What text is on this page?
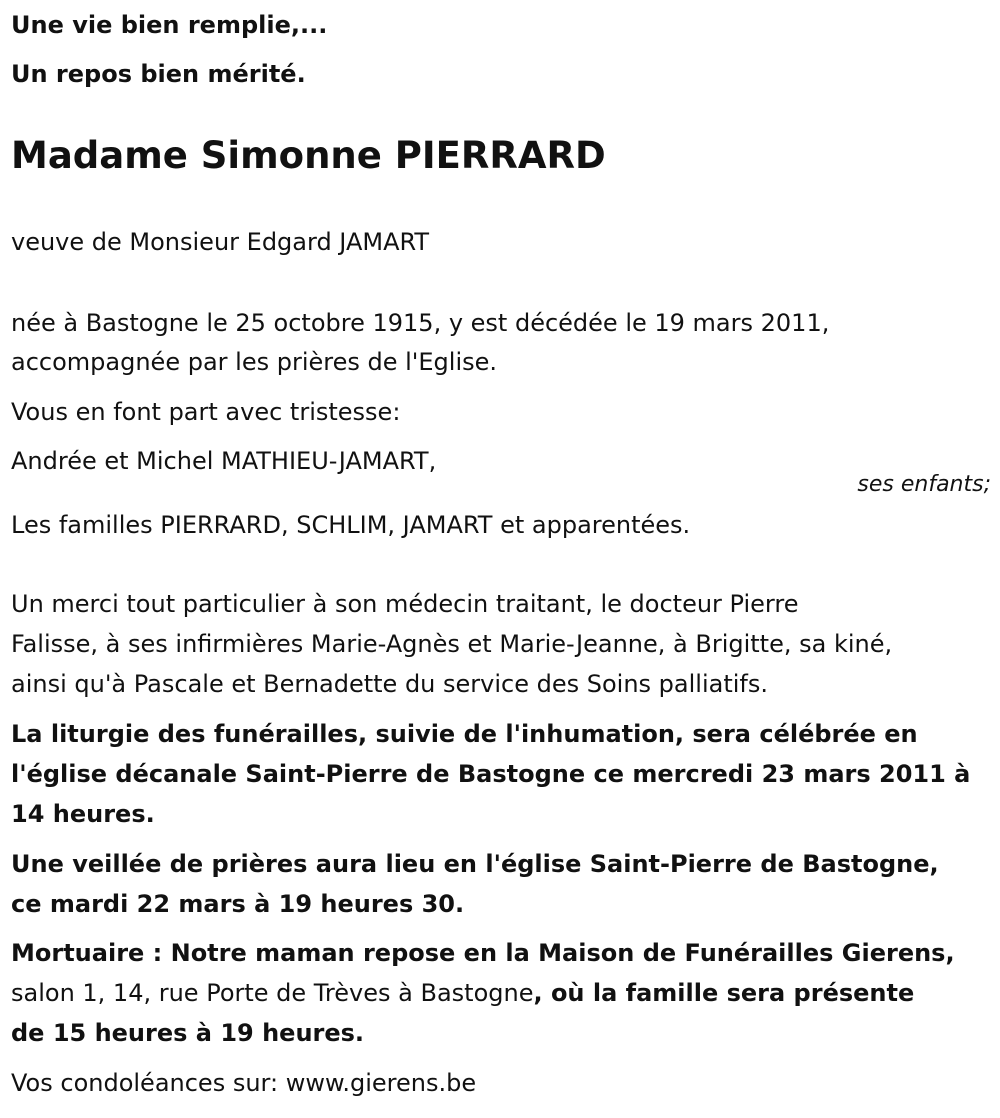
Une vie bien remplie,...
Un repos bien mérité.
Madame Simonne PIERRARD
veuve de Monsieur Edgard JAMART
née à Bastogne le 25 octobre 1915, y est décédée le 19 mars 2011,
accompagnée par les prières de l'Eglise.
Vous en font part avec tristesse:
Andrée et Michel MATHIEU-JAMART,
ses enfants;
Les familles PIERRARD, SCHLIM, JAMART et apparentées.
Un merci tout particulier à son médecin traitant, le docteur Pierre
Falisse, à ses infirmières Marie-Agnès et Marie-Jeanne, à Brigitte, sa kiné,
ainsi qu'à Pascale et Bernadette du service des Soins palliatifs.
La liturgie des funérailles, suivie de l'inhumation, sera célébrée en
l'église décanale Saint-Pierre de Bastogne ce mercredi 23 mars 2011 à
14 heures.
Une veillée de prières aura lieu en l'église Saint-Pierre de Bastogne,
ce mardi 22 mars à 19 heures 30.
Mortuaire : Notre maman repose en la Maison de Funérailles Gierens,
salon 1, 14, rue Porte de Trèves à Bastogne, où la famille sera présente
de 15 heures à 19 heures.
Vos condoléances sur: www.gierens.be
